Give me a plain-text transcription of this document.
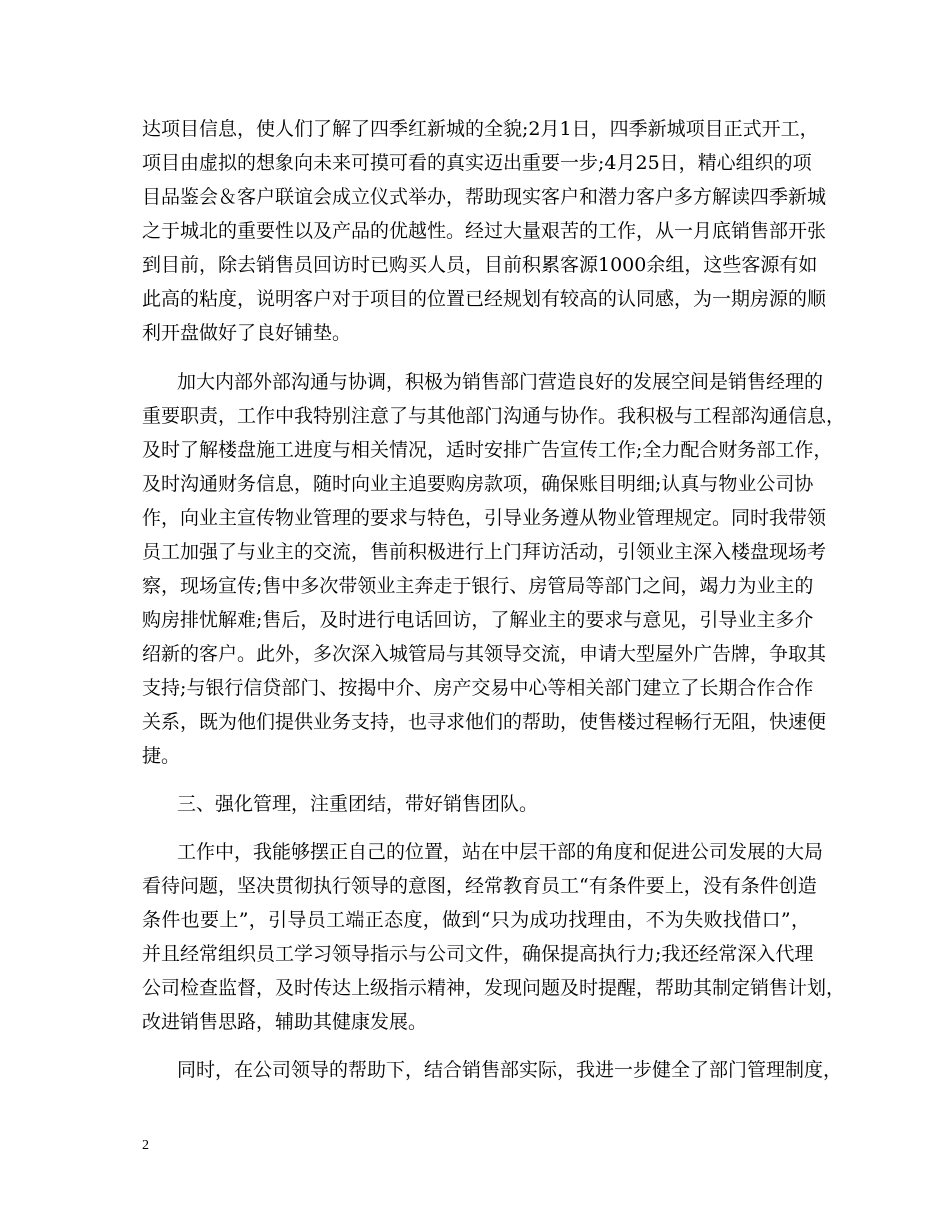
达项目信息，使人们了解了四季红新城的全貌;2月1日，四季新城项目正式开工，
项目由虚拟的想象向未来可摸可看的真实迈出重要一步;4月25日，精心组织的项
目品鉴会＆客户联谊会成立仪式举办，帮助现实客户和潜力客户多方解读四季新城
之于城北的重要性以及产品的优越性。经过大量艰苦的工作，从一月底销售部开张
到目前，除去销售员回访时已购买人员，目前积累客源1000余组，这些客源有如
此高的粘度，说明客户对于项目的位置已经规划有较高的认同感，为一期房源的顺
利开盘做好了良好铺垫。
加大内部外部沟通与协调，积极为销售部门营造良好的发展空间是销售经理的
重要职责，工作中我特别注意了与其他部门沟通与协作。我积极与工程部沟通信息，
及时了解楼盘施工进度与相关情况，适时安排广告宣传工作;全力配合财务部工作，
及时沟通财务信息，随时向业主追要购房款项，确保账目明细;认真与物业公司协
作，向业主宣传物业管理的要求与特色，引导业务遵从物业管理规定。同时我带领
员工加强了与业主的交流，售前积极进行上门拜访活动，引领业主深入楼盘现场考
察，现场宣传;售中多次带领业主奔走于银行、房管局等部门之间，竭力为业主的
购房排忧解难;售后，及时进行电话回访，了解业主的要求与意见，引导业主多介
绍新的客户。此外，多次深入城管局与其领导交流，申请大型屋外广告牌，争取其
支持;与银行信贷部门、按揭中介、房产交易中心等相关部门建立了长期合作合作
关系，既为他们提供业务支持，也寻求他们的帮助，使售楼过程畅行无阻，快速便
捷。
三、强化管理，注重团结，带好销售团队。
工作中，我能够摆正自己的位置，站在中层干部的角度和促进公司发展的大局
看待问题，坚决贯彻执行领导的意图，经常教育员工“有条件要上，没有条件创造
条件也要上”，引导员工端正态度，做到“只为成功找理由，不为失败找借口”，
并且经常组织员工学习领导指示与公司文件，确保提高执行力;我还经常深入代理
公司检查监督，及时传达上级指示精神，发现问题及时提醒，帮助其制定销售计划，
改进销售思路，辅助其健康发展。
同时，在公司领导的帮助下，结合销售部实际，我进一步健全了部门管理制度，
2
